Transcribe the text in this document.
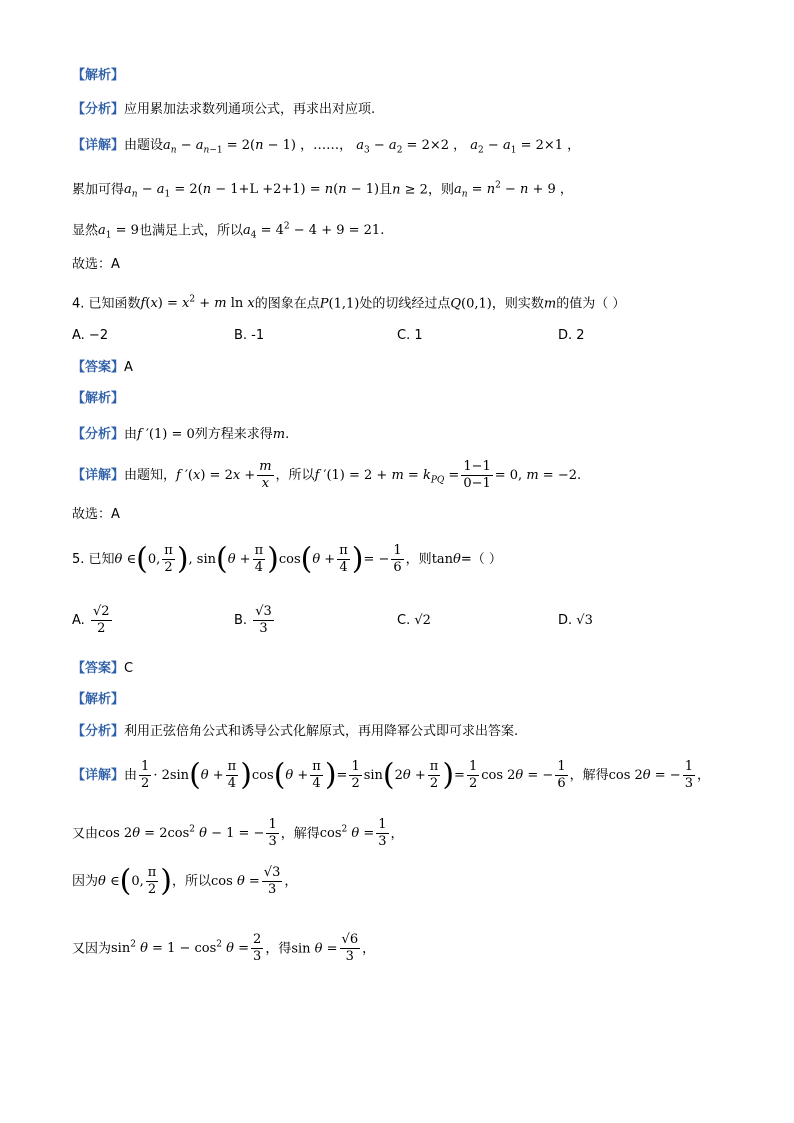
【解析】
【分析】应用累加法求数列通项公式，再求出对应项.
【详解】由题设$a_n - a_{n-1} = 2(n - 1)$ ，……， $a_3 - a_2 = 2\times 2$ ， $a_2 - a_1 = 2\times 1$ ，
累加可得$a_n - a_1 = 2(n - 1+L +2+1) = n(n - 1)$且n ≥ 2，则$a_n = n^2 - n + 9$ ，
显然$a_1 = 9$也满足上式，所以$a_4 = 4^2 - 4 + 9 = 21$.
故选：A
4. 已知函数$f(x) = x^2 + m$ ln x的图象在点P(1,1)处的切线经过点Q(0,1)，则实数m的值为（ ）
A. −2	B. -1	C. 1	D. 2
【答案】A
【解析】
【分析】由f ′(1) = 0列方程来求得m.
【详解】由题知，f $'(x) = 2x + \frac{m}{x}$ ，所以f $'(1) = 2 + m = k_{PQ} = \frac{1-1}{0-1} = 0$, m = −2.
故选：A
5. 已知θ ∈(0, $\frac{\pi}{2}$ ), $\sin(\theta + \frac{\pi}{4} )\cos(\theta + \frac{\pi}{4}$ )= − $\frac{1}{6}$ ，则tanθ=（ ）
A. $\frac{√2}{2}$	B. $\frac{√3}{3}$	C. √2	D. √3
【答案】C
【解析】
【分析】利用正弦倍角公式和诱导公式化解原式，再用降幂公式即可求出答案.
【详解】由 $\frac{1}{2} \cdot 2\sin(\theta + \frac{\pi}{4} )\cos(\theta + \frac{\pi}{4}$ )= $\frac{1}{2} \sin(2\theta + \frac{\pi}{2}$ )= $\frac{1}{2}$ cos 2θ = − $\frac{1}{6}$ ，解得cos 2θ = − $\frac{1}{3}$ ，
又由$\cos 2\theta = 2\cos^2$ θ − 1 = − $\frac{1}{3}$ ，解得$\cos^2 \theta = \frac{1}{3}$ ，
因为θ ∈(0, $\frac{\pi}{2}$ )，所以$\cos \theta = \frac{√3}{3}$ ，
又因为$\sin^2 \theta = 1 - \cos^2 \theta = \frac{2}{3}$ ，得$\sin \theta = \frac{√6}{3}$ ，
